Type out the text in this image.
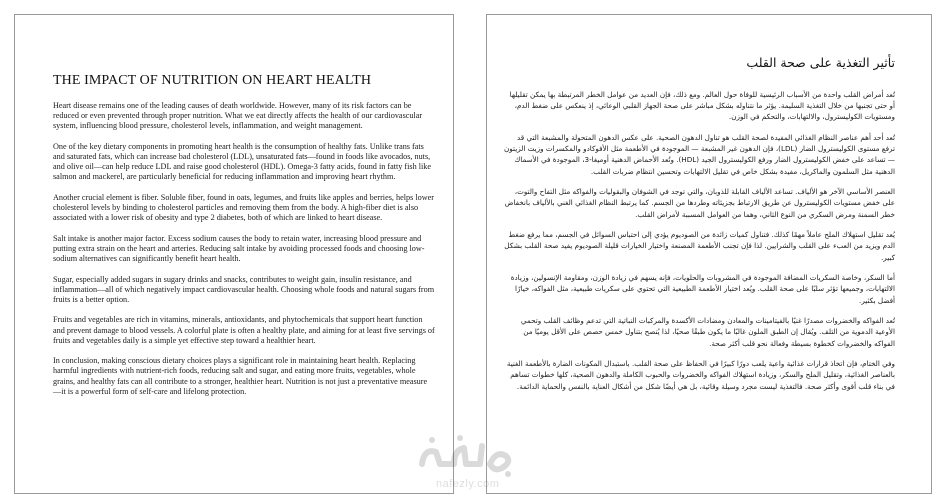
THE IMPACT OF NUTRITION ON HEART HEALTH

Heart disease remains one of the leading causes of death worldwide. However, many of its risk factors can be reduced or even prevented through proper nutrition. What we eat directly affects the health of our cardiovascular system, influencing blood pressure, cholesterol levels, inflammation, and weight management.

One of the key dietary components in promoting heart health is the consumption of healthy fats. Unlike trans fats and saturated fats, which can increase bad cholesterol (LDL), unsaturated fats—found in foods like avocados, nuts, and olive oil—can help reduce LDL and raise good cholesterol (HDL). Omega-3 fatty acids, found in fatty fish like salmon and mackerel, are particularly beneficial for reducing inflammation and improving heart rhythm.

Another crucial element is fiber. Soluble fiber, found in oats, legumes, and fruits like apples and berries, helps lower cholesterol levels by binding to cholesterol particles and removing them from the body. A high-fiber diet is also associated with a lower risk of obesity and type 2 diabetes, both of which are linked to heart disease.

Salt intake is another major factor. Excess sodium causes the body to retain water, increasing blood pressure and putting extra strain on the heart and arteries. Reducing salt intake by avoiding processed foods and choosing low-sodium alternatives can significantly benefit heart health.

Sugar, especially added sugars in sugary drinks and snacks, contributes to weight gain, insulin resistance, and inflammation—all of which negatively impact cardiovascular health. Choosing whole foods and natural sugars from fruits is a better option.

Fruits and vegetables are rich in vitamins, minerals, antioxidants, and phytochemicals that support heart function and prevent damage to blood vessels. A colorful plate is often a healthy plate, and aiming for at least five servings of fruits and vegetables daily is a simple yet effective step toward a healthier heart.

In conclusion, making conscious dietary choices plays a significant role in maintaining heart health. Replacing harmful ingredients with nutrient-rich foods, reducing salt and sugar, and eating more fruits, vegetables, whole grains, and healthy fats can all contribute to a stronger, healthier heart. Nutrition is not just a preventative measure—it is a powerful form of self-care and lifelong protection.

تأثير التغذية على صحة القلب

تُعد أمراض القلب واحدة من الأسباب الرئيسية للوفاة حول العالم. ومع ذلك، فإن العديد من عوامل الخطر المرتبطة بها يمكن تقليلها أو حتى تجنبها من خلال التغذية السليمة. يؤثر ما نتناوله بشكل مباشر على صحة الجهاز القلبي الوعائي، إذ ينعكس على ضغط الدم، ومستويات الكوليسترول، والالتهابات، والتحكم في الوزن.

تُعد أحد أهم عناصر النظام الغذائي المفيدة لصحة القلب هو تناول الدهون الصحية. على عكس الدهون المتحولة والمشبعة التي قد ترفع مستوى الكوليسترول الضار (LDL)، فإن الدهون غير المشبعة — الموجودة في الأطعمة مثل الأفوكادو والمكسرات وزيت الزيتون — تساعد على خفض الكوليسترول الضار ورفع الكوليسترول الجيد (HDL). وتُعد الأحماض الدهنية أوميغا-3، الموجودة في الأسماك الدهنية مثل السلمون والماكريل، مفيدة بشكل خاص في تقليل الالتهابات وتحسين انتظام ضربات القلب.

العنصر الأساسي الآخر هو الألياف. تساعد الألياف القابلة للذوبان، والتي توجد في الشوفان والبقوليات والفواكه مثل التفاح والتوت، على خفض مستويات الكوليسترول عن طريق الارتباط بجزيئاته وطردها من الجسم. كما يرتبط النظام الغذائي الغني بالألياف بانخفاض خطر السمنة ومرض السكري من النوع الثاني، وهما من العوامل المسببة لأمراض القلب.

يُعد تقليل استهلاك الملح عاملاً مهمًا كذلك. فتناول كميات زائدة من الصوديوم يؤدي إلى احتباس السوائل في الجسم، مما يرفع ضغط الدم ويزيد من العبء على القلب والشرايين. لذا فإن تجنب الأطعمة المصنعة واختيار الخيارات قليلة الصوديوم يفيد صحة القلب بشكل كبير.

أما السكر، وخاصة السكريات المضافة الموجودة في المشروبات والحلويات، فإنه يسهم في زيادة الوزن، ومقاومة الإنسولين، وزيادة الالتهابات، وجميعها تؤثر سلبًا على صحة القلب. ويُعد اختيار الأطعمة الطبيعية التي تحتوي على سكريات طبيعية، مثل الفواكه، خيارًا أفضل بكثير.

تُعد الفواكه والخضروات مصدرًا غنيًا بالفيتامينات والمعادن ومضادات الأكسدة والمركبات النباتية التي تدعم وظائف القلب وتحمي الأوعية الدموية من التلف. ويُقال إن الطبق الملون غالبًا ما يكون طبقًا صحيًا، لذا يُنصح بتناول خمس حصص على الأقل يوميًا من الفواكه والخضروات كخطوة بسيطة وفعالة نحو قلب أكثر صحة.

وفي الختام، فإن اتخاذ قرارات غذائية واعية يلعب دورًا كبيرًا في الحفاظ على صحة القلب. باستبدال المكونات الضارة بالأطعمة الغنية بالعناصر الغذائية، وتقليل الملح والسكر، وزيادة استهلاك الفواكه والخضروات والحبوب الكاملة والدهون الصحية، كلها خطوات تساهم في بناء قلب أقوى وأكثر صحة. فالتغذية ليست مجرد وسيلة وقائية، بل هي أيضًا شكل من أشكال العناية بالنفس والحماية الدائمة.

nafezly.com
